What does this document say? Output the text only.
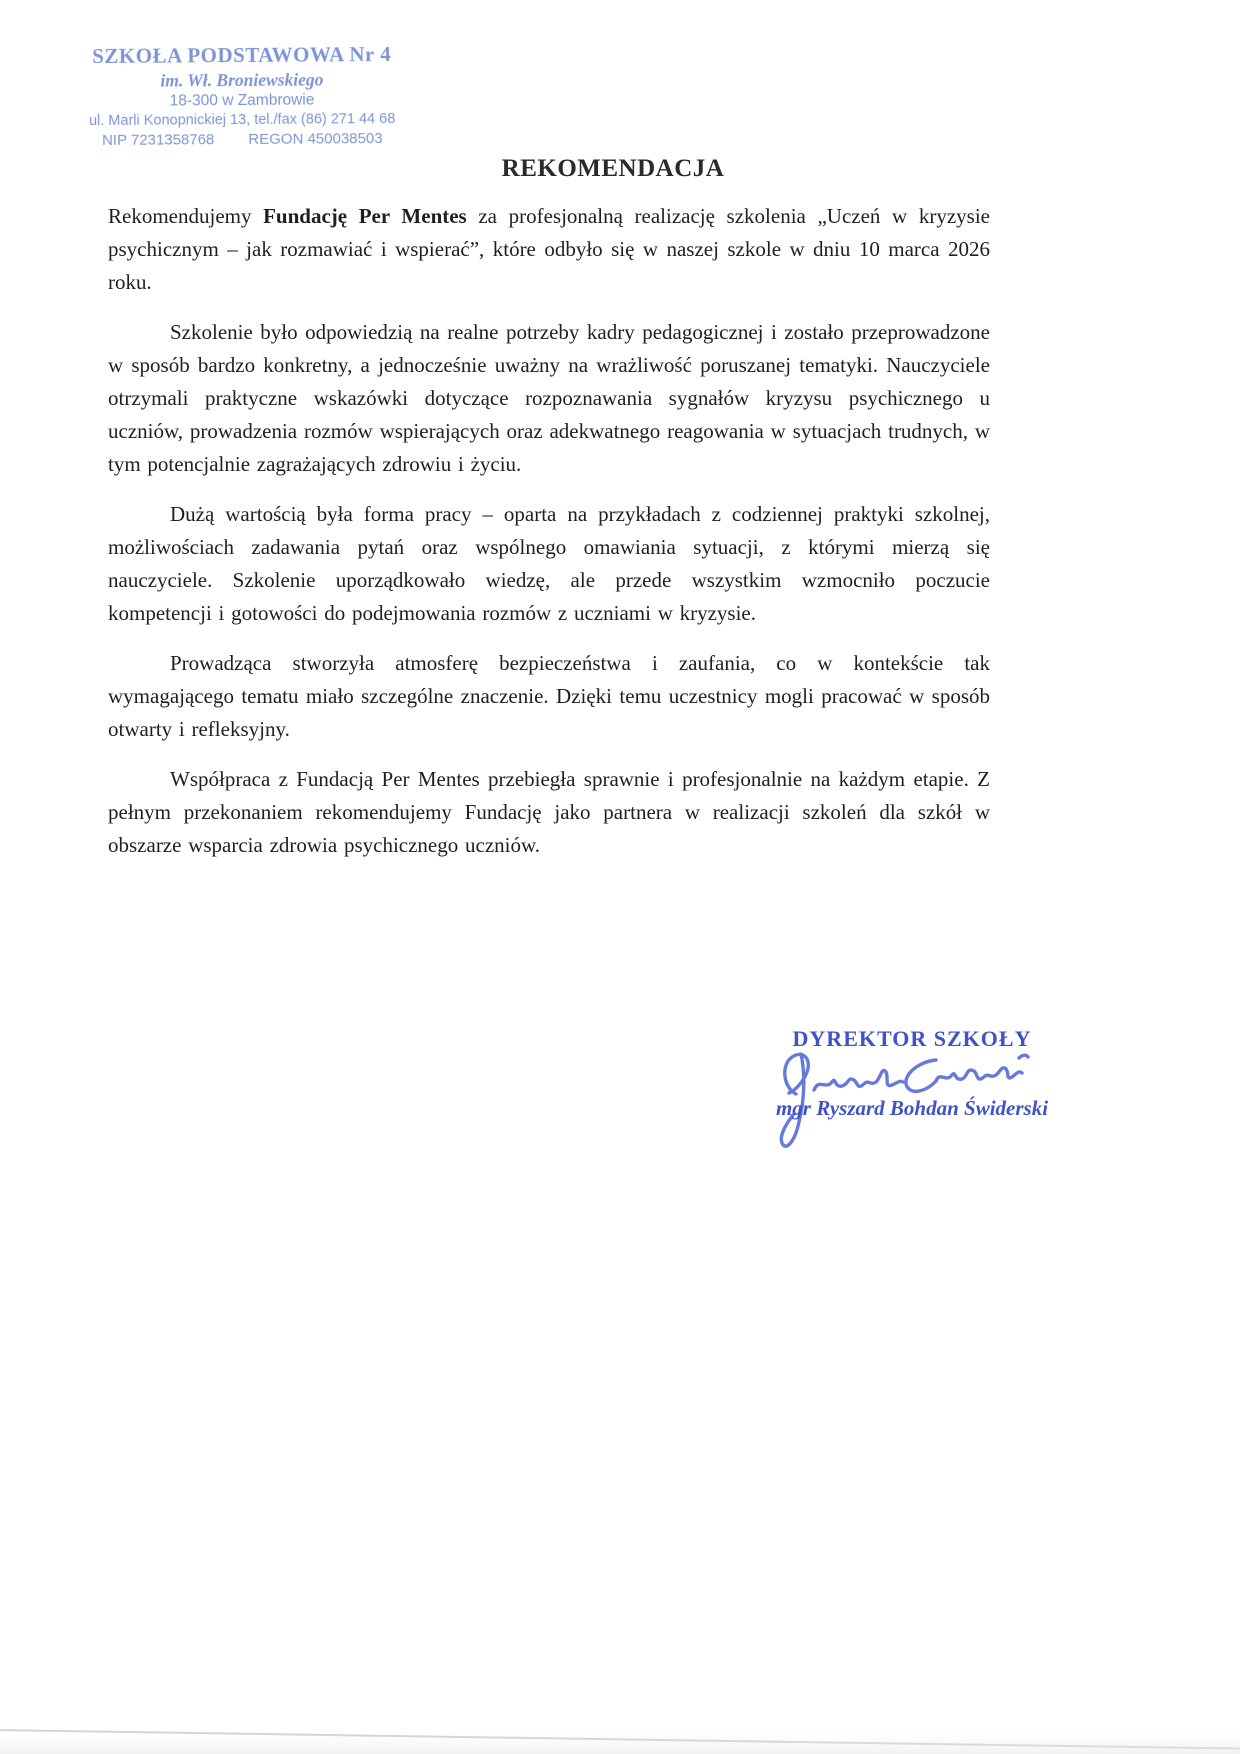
SZKOŁA PODSTAWOWA Nr 4
im. Wł. Broniewskiego
18-300 w Zambrowie
ul. Marli Konopnickiej 13, tel./fax (86) 271 44 68
NIP 7231358768 REGON 450038503
REKOMENDACJA

Rekomendujemy Fundację Per Mentes za profesjonalną realizację szkolenia „Uczeń w kryzysie psychicznym – jak rozmawiać i wspierać”, które odbyło się w naszej szkole w dniu 10 marca 2026 roku.

Szkolenie było odpowiedzią na realne potrzeby kadry pedagogicznej i zostało przeprowadzone w sposób bardzo konkretny, a jednocześnie uważny na wrażliwość poruszanej tematyki. Nauczyciele otrzymali praktyczne wskazówki dotyczące rozpoznawania sygnałów kryzysu psychicznego u uczniów, prowadzenia rozmów wspierających oraz adekwatnego reagowania w sytuacjach trudnych, w tym potencjalnie zagrażających zdrowiu i życiu.

Dużą wartością była forma pracy – oparta na przykładach z codziennej praktyki szkolnej, możliwościach zadawania pytań oraz wspólnego omawiania sytuacji, z którymi mierzą się nauczyciele. Szkolenie uporządkowało wiedzę, ale przede wszystkim wzmocniło poczucie kompetencji i gotowości do podejmowania rozmów z uczniami w kryzysie.

Prowadząca stworzyła atmosferę bezpieczeństwa i zaufania, co w kontekście tak wymagającego tematu miało szczególne znaczenie. Dzięki temu uczestnicy mogli pracować w sposób otwarty i refleksyjny.

Współpraca z Fundacją Per Mentes przebiegła sprawnie i profesjonalnie na każdym etapie. Z pełnym przekonaniem rekomendujemy Fundację jako partnera w realizacji szkoleń dla szkół w obszarze wsparcia zdrowia psychicznego uczniów.

DYREKTOR SZKOŁY
mgr Ryszard Bohdan Świderski
